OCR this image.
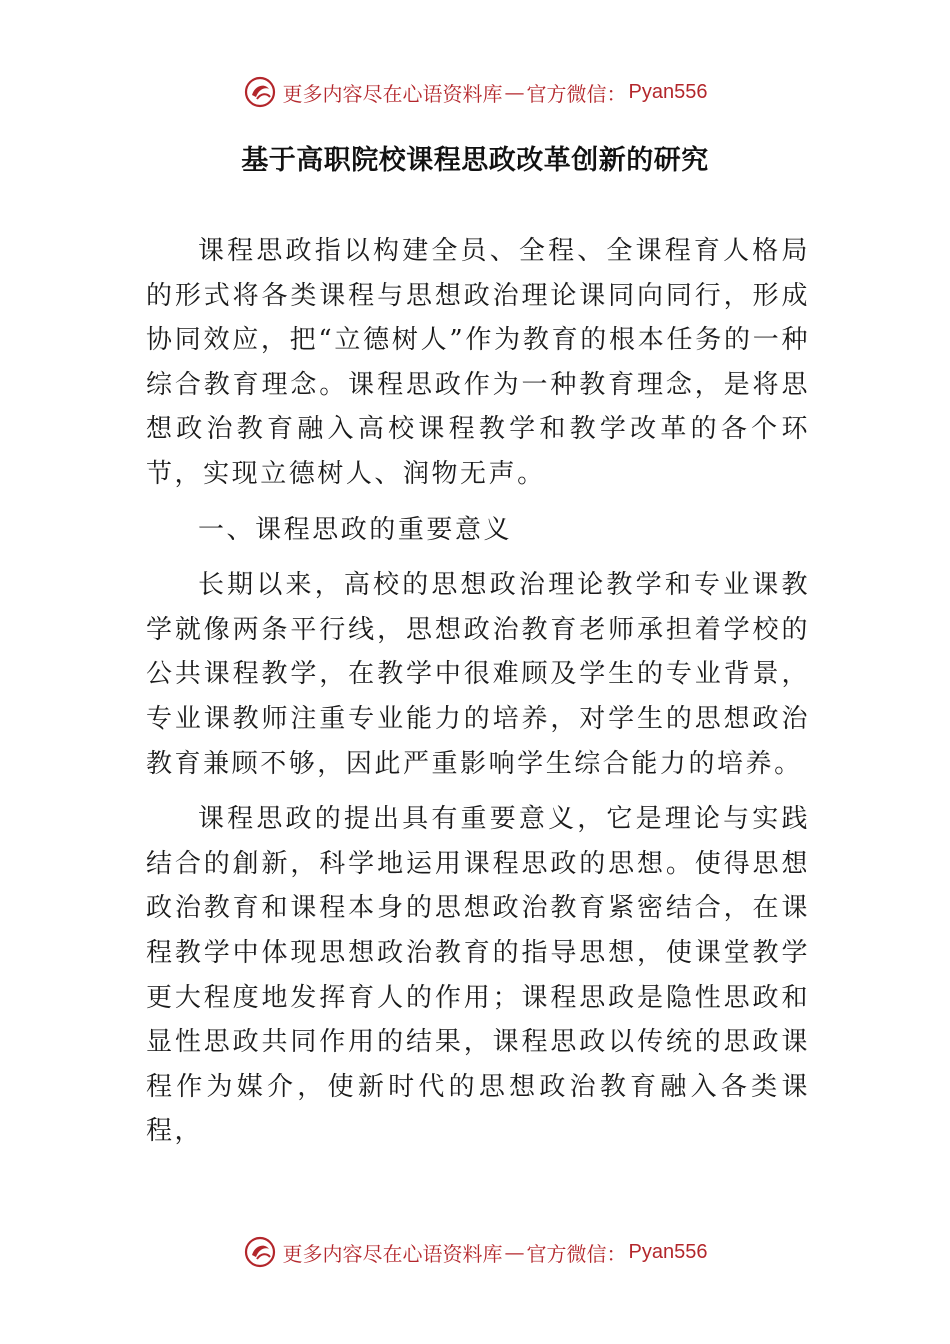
更多内容尽在心语资料库 — 官方微信： Pyan556
基于高职院校课程思政改革创新的研究

课程思政指以构建全员、全程、全课程育人格局的形式将各类课程与思想政治理论课同向同行，形成协同效应，把“立德树人”作为教育的根本任务的一种综合教育理念。课程思政作为一种教育理念，是将思想政治教育融入高校课程教学和教学改革的各个环节，实现立德树人、润物无声。

一、课程思政的重要意义

长期以来，高校的思想政治理论教学和专业课教学就像两条平行线，思想政治教育老师承担着学校的公共课程教学，在教学中很难顾及学生的专业背景，专业课教师注重专业能力的培养，对学生的思想政治教育兼顾不够，因此严重影响学生综合能力的培养。

课程思政的提出具有重要意义，它是理论与实践结合的創新，科学地运用课程思政的思想。使得思想政治教育和课程本身的思想政治教育紧密结合，在课程教学中体现思想政治教育的指导思想，使课堂教学更大程度地发挥育人的作用；课程思政是隐性思政和显性思政共同作用的结果，课程思政以传统的思政课程作为媒介，使新时代的思想政治教育融入各类课程，

更多内容尽在心语资料库 — 官方微信： Pyan556
